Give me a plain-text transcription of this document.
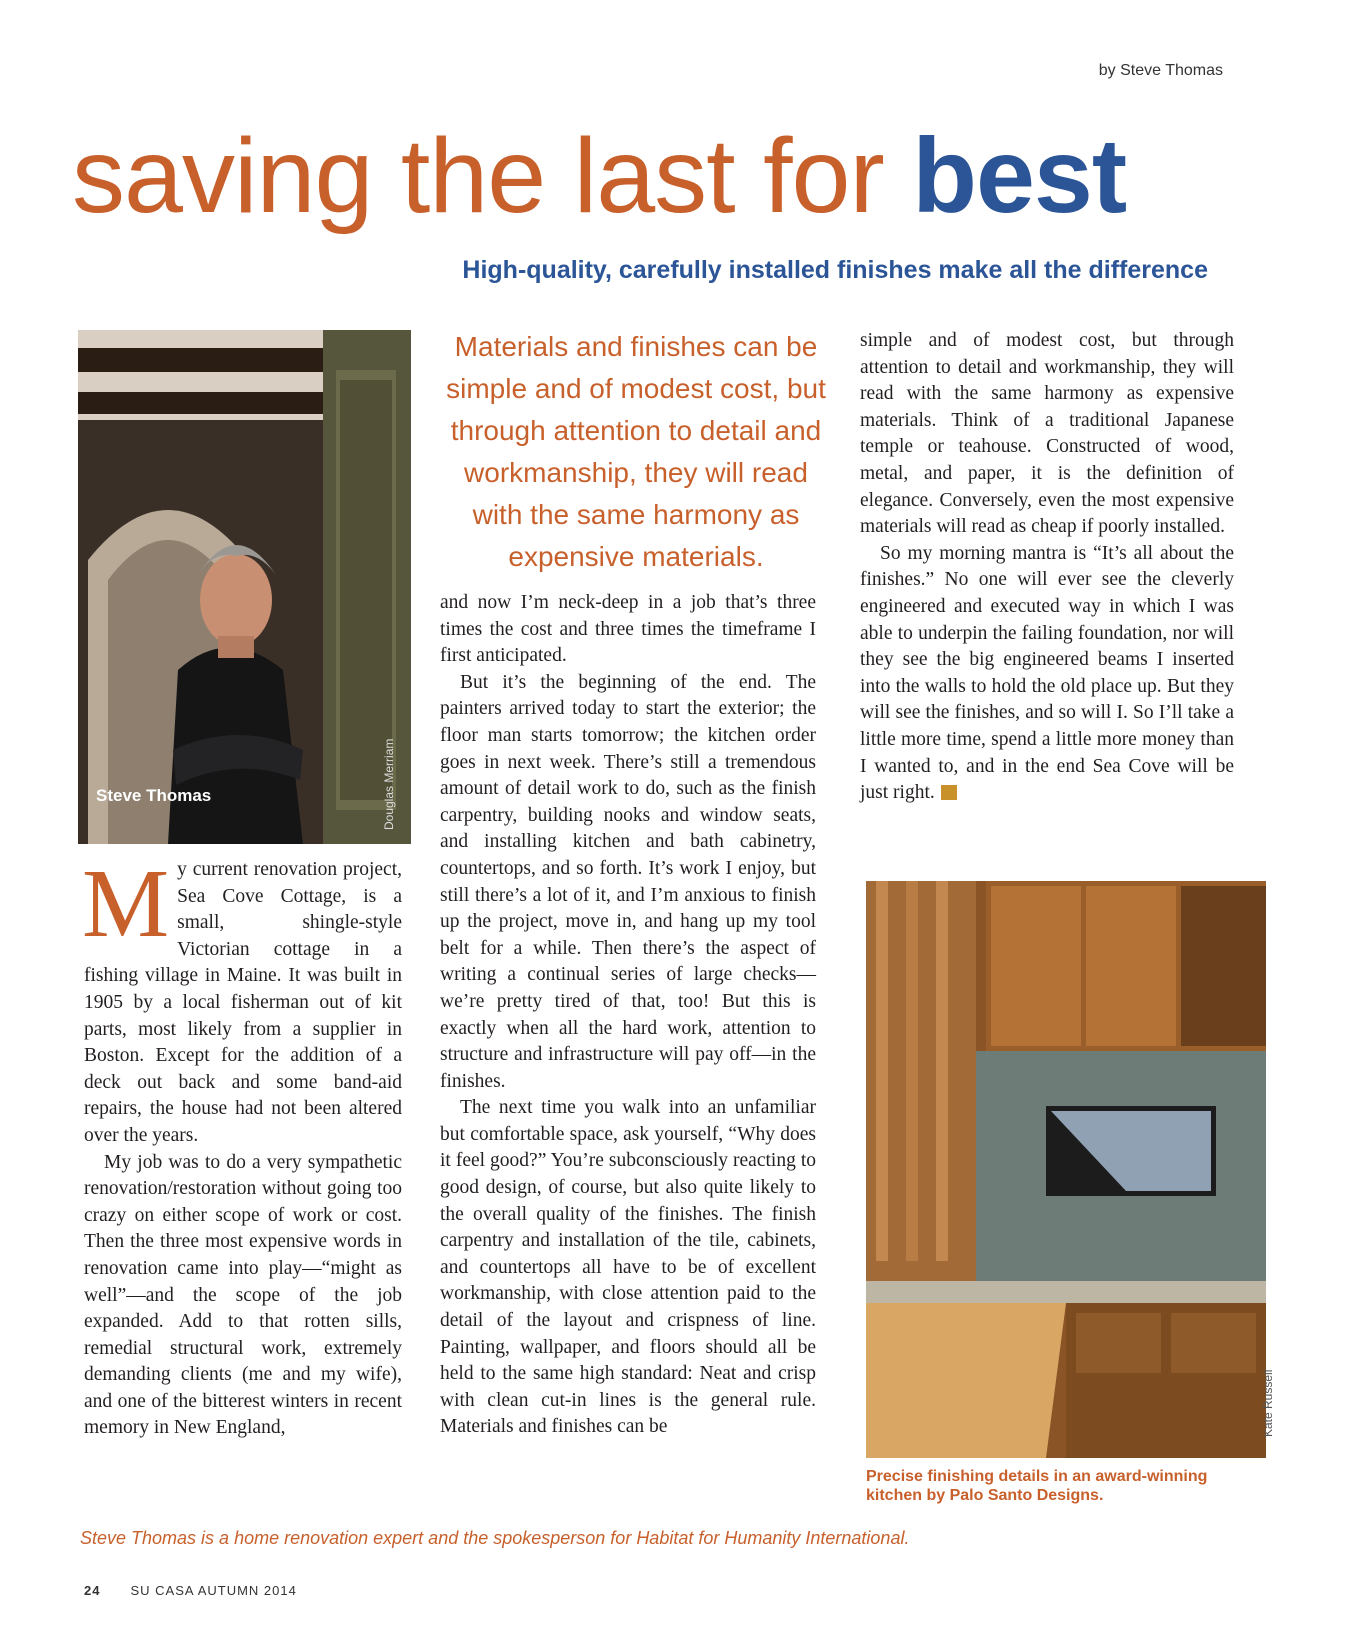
by Steve Thomas
saving the last for best
High-quality, carefully installed finishes make all the difference
Steve Thomas	Douglas Merriam

Materials and finishes can be simple and of modest cost, but through attention to detail and workmanship, they will read with the same harmony as expensive materials.

My current renovation project, Sea Cove Cottage, is a small, shingle-style Victorian cottage in a fishing village in Maine. It was built in 1905 by a local fisherman out of kit parts, most likely from a supplier in Boston. Except for the addition of a deck out back and some band-aid repairs, the house had not been altered over the years.

My job was to do a very sympathetic renovation/restoration without going too crazy on either scope of work or cost. Then the three most expensive words in renovation came into play—“might as well”—and the scope of the job expanded. Add to that rotten sills, remedial structural work, extremely demanding clients (me and my wife), and one of the bitterest winters in recent memory in New England,

and now I’m neck-deep in a job that’s three times the cost and three times the timeframe I first anticipated.

But it’s the beginning of the end. The painters arrived today to start the exterior; the floor man starts tomorrow; the kitchen order goes in next week. There’s still a tremendous amount of detail work to do, such as the finish carpentry, building nooks and window seats, and installing kitchen and bath cabinetry, countertops, and so forth. It’s work I enjoy, but still there’s a lot of it, and I’m anxious to finish up the project, move in, and hang up my tool belt for a while. Then there’s the aspect of writing a continual series of large checks—we’re pretty tired of that, too! But this is exactly when all the hard work, attention to structure and infrastructure will pay off—in the finishes.

The next time you walk into an unfamiliar but comfortable space, ask yourself, “Why does it feel good?” You’re subconsciously reacting to good design, of course, but also quite likely to the overall quality of the finishes. The finish carpentry and installation of the tile, cabinets, and countertops all have to be of excellent workmanship, with close attention paid to the detail of the layout and crispness of line. Painting, wallpaper, and floors should all be held to the same high standard: Neat and crisp with clean cut-in lines is the general rule. Materials and finishes can be

simple and of modest cost, but through attention to detail and workmanship, they will read with the same harmony as expensive materials. Think of a traditional Japanese temple or teahouse. Constructed of wood, metal, and paper, it is the definition of elegance. Conversely, even the most expensive materials will read as cheap if poorly installed.

So my morning mantra is “It’s all about the finishes.” No one will ever see the cleverly engineered and executed way in which I was able to underpin the failing foundation, nor will they see the big engineered beams I inserted into the walls to hold the old place up. But they will see the finishes, and so will I. So I’ll take a little more time, spend a little more money than I wanted to, and in the end Sea Cove will be just right.

Kate Russell

Precise finishing details in an award-winning kitchen by Palo Santo Designs.

Steve Thomas is a home renovation expert and the spokesperson for Habitat for Humanity International.

24 SU CASA AUTUMN 2014
